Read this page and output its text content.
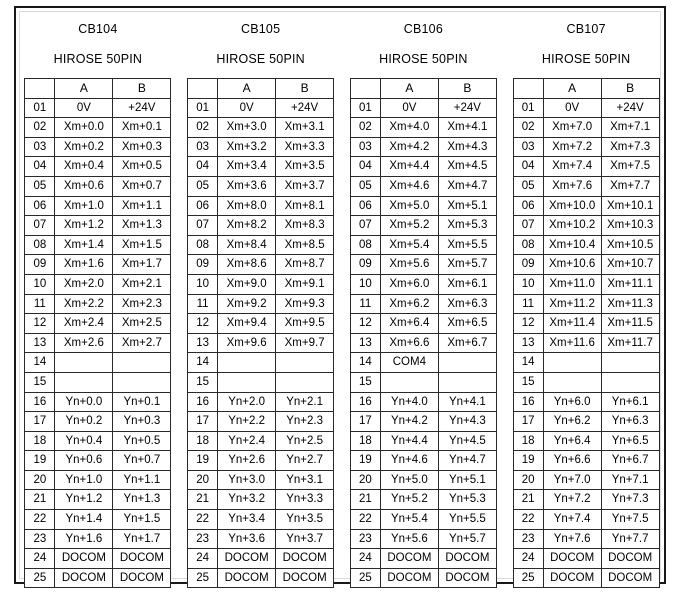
CB104
HIROSE 50PIN
	A	B
01	0V	+24V
02	Xm+0.0	Xm+0.1
03	Xm+0.2	Xm+0.3
04	Xm+0.4	Xm+0.5
05	Xm+0.6	Xm+0.7
06	Xm+1.0	Xm+1.1
07	Xm+1.2	Xm+1.3
08	Xm+1.4	Xm+1.5
09	Xm+1.6	Xm+1.7
10	Xm+2.0	Xm+2.1
11	Xm+2.2	Xm+2.3
12	Xm+2.4	Xm+2.5
13	Xm+2.6	Xm+2.7
14		
15		
16	Yn+0.0	Yn+0.1
17	Yn+0.2	Yn+0.3
18	Yn+0.4	Yn+0.5
19	Yn+0.6	Yn+0.7
20	Yn+1.0	Yn+1.1
21	Yn+1.2	Yn+1.3
22	Yn+1.4	Yn+1.5
23	Yn+1.6	Yn+1.7
24	DOCOM	DOCOM
25	DOCOM	DOCOM
CB105
HIROSE 50PIN
	A	B
01	0V	+24V
02	Xm+3.0	Xm+3.1
03	Xm+3.2	Xm+3.3
04	Xm+3.4	Xm+3.5
05	Xm+3.6	Xm+3.7
06	Xm+8.0	Xm+8.1
07	Xm+8.2	Xm+8.3
08	Xm+8.4	Xm+8.5
09	Xm+8.6	Xm+8.7
10	Xm+9.0	Xm+9.1
11	Xm+9.2	Xm+9.3
12	Xm+9.4	Xm+9.5
13	Xm+9.6	Xm+9.7
14		
15		
16	Yn+2.0	Yn+2.1
17	Yn+2.2	Yn+2.3
18	Yn+2.4	Yn+2.5
19	Yn+2.6	Yn+2.7
20	Yn+3.0	Yn+3.1
21	Yn+3.2	Yn+3.3
22	Yn+3.4	Yn+3.5
23	Yn+3.6	Yn+3.7
24	DOCOM	DOCOM
25	DOCOM	DOCOM
CB106
HIROSE 50PIN
	A	B
01	0V	+24V
02	Xm+4.0	Xm+4.1
03	Xm+4.2	Xm+4.3
04	Xm+4.4	Xm+4.5
05	Xm+4.6	Xm+4.7
06	Xm+5.0	Xm+5.1
07	Xm+5.2	Xm+5.3
08	Xm+5.4	Xm+5.5
09	Xm+5.6	Xm+5.7
10	Xm+6.0	Xm+6.1
11	Xm+6.2	Xm+6.3
12	Xm+6.4	Xm+6.5
13	Xm+6.6	Xm+6.7
14	COM4	
15		
16	Yn+4.0	Yn+4.1
17	Yn+4.2	Yn+4.3
18	Yn+4.4	Yn+4.5
19	Yn+4.6	Yn+4.7
20	Yn+5.0	Yn+5.1
21	Yn+5.2	Yn+5.3
22	Yn+5.4	Yn+5.5
23	Yn+5.6	Yn+5.7
24	DOCOM	DOCOM
25	DOCOM	DOCOM
CB107
HIROSE 50PIN
	A	B
01	0V	+24V
02	Xm+7.0	Xm+7.1
03	Xm+7.2	Xm+7.3
04	Xm+7.4	Xm+7.5
05	Xm+7.6	Xm+7.7
06	Xm+10.0	Xm+10.1
07	Xm+10.2	Xm+10.3
08	Xm+10.4	Xm+10.5
09	Xm+10.6	Xm+10.7
10	Xm+11.0	Xm+11.1
11	Xm+11.2	Xm+11.3
12	Xm+11.4	Xm+11.5
13	Xm+11.6	Xm+11.7
14		
15		
16	Yn+6.0	Yn+6.1
17	Yn+6.2	Yn+6.3
18	Yn+6.4	Yn+6.5
19	Yn+6.6	Yn+6.7
20	Yn+7.0	Yn+7.1
21	Yn+7.2	Yn+7.3
22	Yn+7.4	Yn+7.5
23	Yn+7.6	Yn+7.7
24	DOCOM	DOCOM
25	DOCOM	DOCOM
